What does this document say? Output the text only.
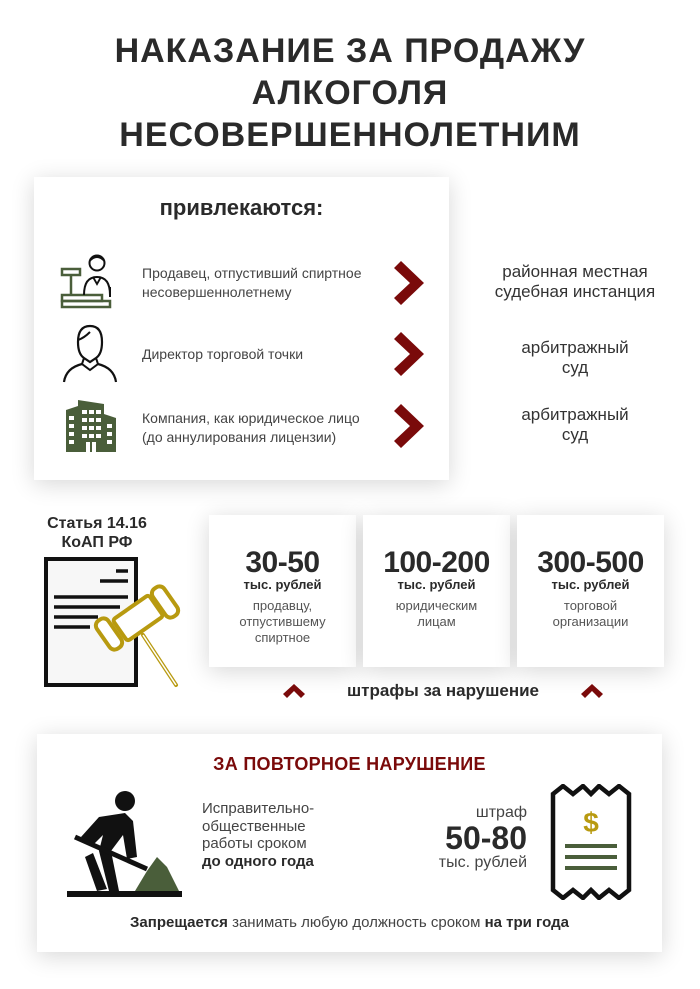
НАКАЗАНИЕ ЗА ПРОДАЖУ
АЛКОГОЛЯ
НЕСОВЕРШЕННОЛЕТНИМ
привлекаются:
Продавец, отпустивший спиртное несовершеннолетнему
Директор торговой точки
Компания, как юридическое лицо (до аннулирования лицензии)
районная местная
судебная инстанция
арбитражный
суд
арбитражный
суд
Статья 14.16
КоАП РФ
30-50
тыс. рублей
продавцу,
отпустившему
спиртное
100-200
тыс. рублей
юридическим
лицам
300-500
тыс. рублей
торговой
организации
штрафы за нарушение
ЗА ПОВТОРНОЕ НАРУШЕНИЕ
Исправительно-
общественные
работы сроком
до одного года
штраф
50-80
тыс. рублей
$
Запрещается занимать любую должность сроком на три года
